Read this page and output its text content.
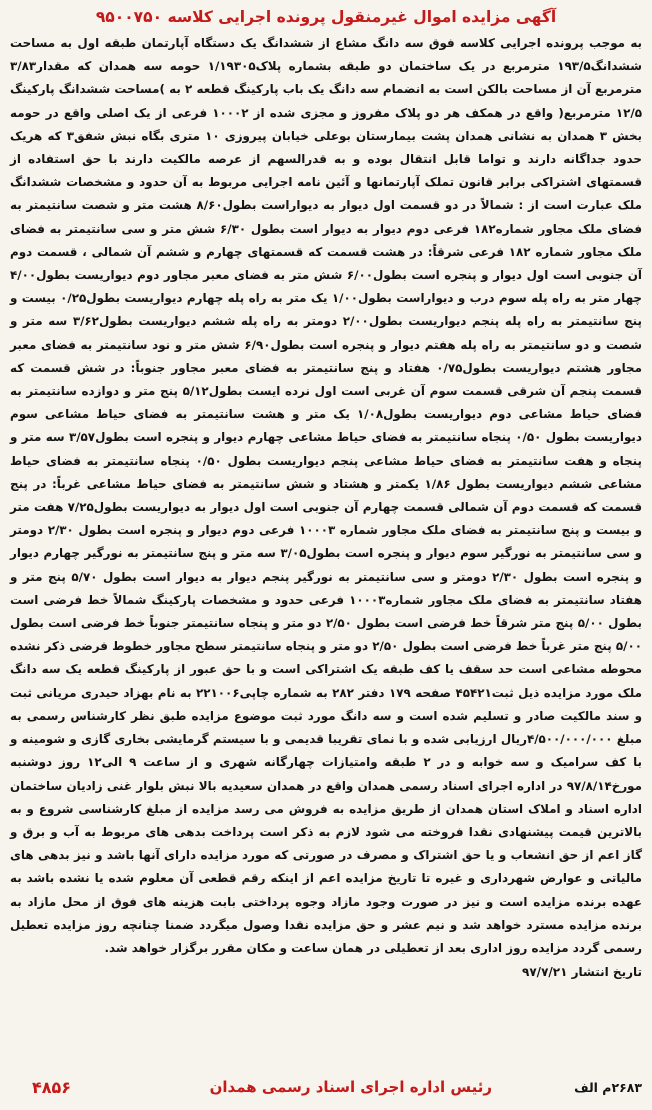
آگهی مزایده اموال غیرمنقول پرونده اجرایی کلاسه ۹۵۰۰۷۵۰

به موجب پرونده اجرایی کلاسه فوق سه دانگ مشاع از ششدانگ یک دستگاه آپارتمان طبقه اول به مساحت ششدانگ۱۹۳/۵ مترمربع در یک ساختمان دو طبقه بشماره پلاک۱/۱۹۳۰۵ حومه سه همدان که مقدار۳/۸۳ مترمربع آن از مساحت بالکن است به انضمام سه دانگ یک باب پارکینگ قطعه ۲ به )مساحت ششدانگ پارکینگ ۱۲/۵ مترمربع( واقع در همکف هر دو پلاک مفروز و مجزی شده از ۱۰۰۰۲ فرعی از یک اصلی واقع در حومه بخش ۳ همدان به نشانی همدان پشت بیمارستان بوعلی خیابان پیروزی ۱۰ متری بگاه نبش شفق۳ که هریک حدود جداگانه دارند و تواما قابل انتقال بوده و به قدرالسهم از عرصه مالکیت دارند با حق استفاده از قسمتهای اشتراکی برابر قانون تملک آپارتمانها و آئین نامه اجرایی مربوط به آن حدود و مشخصات ششدانگ ملک عبارت است از : شمالاً در دو قسمت اول دیوار به دیواراست بطول۸/۶۰ هشت متر و شصت سانتیمتر به فضای ملک مجاور شماره۱۸۲ فرعی دوم دیوار به دیوار است بطول ۶/۳۰ شش متر و سی سانتیمتر به فضای ملک مجاور شماره ۱۸۲ فرعی شرقاً: در هشت قسمت که قسمتهای چهارم و ششم آن شمالی ، قسمت دوم آن جنوبی است اول دیوار و پنجره است بطول۶/۰۰ شش متر به فضای معبر مجاور دوم دیواریست بطول۴/۰۰ چهار متر به راه پله سوم درب و دیواراست بطول۱/۰۰ یک متر به راه پله چهارم دیواریست بطول۰/۲۵ بیست و پنج سانتیمتر به راه پله پنجم دیواریست بطول۲/۰۰ دومتر به راه پله ششم دیواریست بطول۳/۶۲ سه متر و شصت و دو سانتیمتر به راه پله هفتم دیوار و پنجره است بطول۶/۹۰ شش متر و نود سانتیمتر به فضای معبر مجاور هشتم دیواریست بطول۰/۷۵ هفتاد و پنج سانتیمتر به فضای معبر مجاور جنوباً: در شش قسمت که قسمت پنجم آن شرقی قسمت سوم آن غربی است اول نرده ایست بطول۵/۱۲ پنج متر و دوازده سانتیمتر به فضای حیاط مشاعی دوم دیواریست بطول۱/۰۸ یک متر و هشت سانتیمتر به فضای حیاط مشاعی سوم دیواریست بطول ۰/۵۰ پنجاه سانتیمتر به فضای حیاط مشاعی چهارم دیوار و پنجره است بطول۳/۵۷ سه متر و پنجاه و هفت سانتیمتر به فضای حیاط مشاعی پنجم دیواریست بطول ۰/۵۰ پنجاه سانتیمتر به فضای حیاط مشاعی ششم دیواریست بطول ۱/۸۶ یکمتر و هشتاد و شش سانتیمتر به فضای حیاط مشاعی غرباً: در پنج قسمت که قسمت دوم آن شمالی قسمت چهارم آن جنوبی است اول دیوار به دیواریست بطول۷/۲۵ هفت متر و بیست و پنج سانتیمتر به فضای ملک مجاور شماره ۱۰۰۰۳ فرعی دوم دیوار و پنجره است بطول ۲/۳۰ دومتر و سی سانتیمتر به نورگیر سوم دیوار و پنجره است بطول۳/۰۵ سه متر و پنج سانتیمتر به نورگیر چهارم دیوار و پنجره است بطول ۲/۳۰ دومتر و سی سانتیمتر به نورگیر پنجم دیوار به دیوار است بطول ۵/۷۰ پنج متر و هفتاد سانتیمتر به فضای ملک مجاور شماره۱۰۰۰۳ فرعی حدود و مشخصات پارکینگ شمالاً خط فرضی است بطول ۵/۰۰ پنج متر شرقاً خط فرضی است بطول ۲/۵۰ دو متر و پنجاه سانتیمتر جنوباً خط فرضی است بطول ۵/۰۰ پنج متر غرباً خط فرضی است بطول ۲/۵۰ دو متر و پنجاه سانتیمتر سطح مجاور خطوط فرضی ذکر نشده محوطه مشاعی است حد سقف یا کف طبقه یک اشتراکی است و با حق عبور از پارکینگ قطعه یک سه دانگ ملک مورد مزایده ذیل ثبت۴۵۴۲۱ صفحه ۱۷۹ دفتر ۲۸۲ به شماره چاپی۲۲۱۰۰۶ به نام بهزاد حیدری مریانی ثبت و سند مالکیت صادر و تسلیم شده است و سه دانگ مورد ثبت موضوع مزایده طبق نظر کارشناس رسمی به مبلغ ۴/۵۰۰/۰۰۰/۰۰۰ریال ارزیابی شده و با نمای تقریبا قدیمی و با سیستم گرمایشی بخاری گازی و شومینه و با کف سرامیک و سه خوابه و در ۲ طبقه وامتیازات چهارگانه شهری و از ساعت ۹ الی۱۲ روز دوشنبه مورخ۹۷/۸/۱۴ در اداره اجرای اسناد رسمی همدان واقع در همدان سعیدیه بالا نبش بلوار غنی زادیان ساختمان اداره اسناد و املاک استان همدان از طریق مزایده به فروش می رسد مزایده از مبلغ کارشناسی شروع و به بالاترین قیمت پیشنهادی نقدا فروخته می شود لازم به ذکر است پرداخت بدهی های مربوط به آب و برق و گاز اعم از حق انشعاب و یا حق اشتراک و مصرف در صورتی که مورد مزایده دارای آنها باشد و نیز بدهی های مالیاتی و عوارض شهرداری و غیره تا تاریخ مزایده اعم از اینکه رقم قطعی آن معلوم شده یا نشده باشد به عهده برنده مزایده است و نیز در صورت وجود مازاد وجوه پرداختی بابت هزینه های فوق از محل مازاد به برنده مزایده مسترد خواهد شد و نیم عشر و حق مزایده نقدا وصول میگردد ضمنا چنانچه روز مزایده تعطیل رسمی گردد مزایده روز اداری بعد از تعطیلی در همان ساعت و مکان مقرر برگزار خواهد شد.

تاریخ انتشار ۹۷/۷/۲۱
۲۶۸۳م الف
رئیس اداره اجرای اسناد رسمی همدان
۴۸۵۶
